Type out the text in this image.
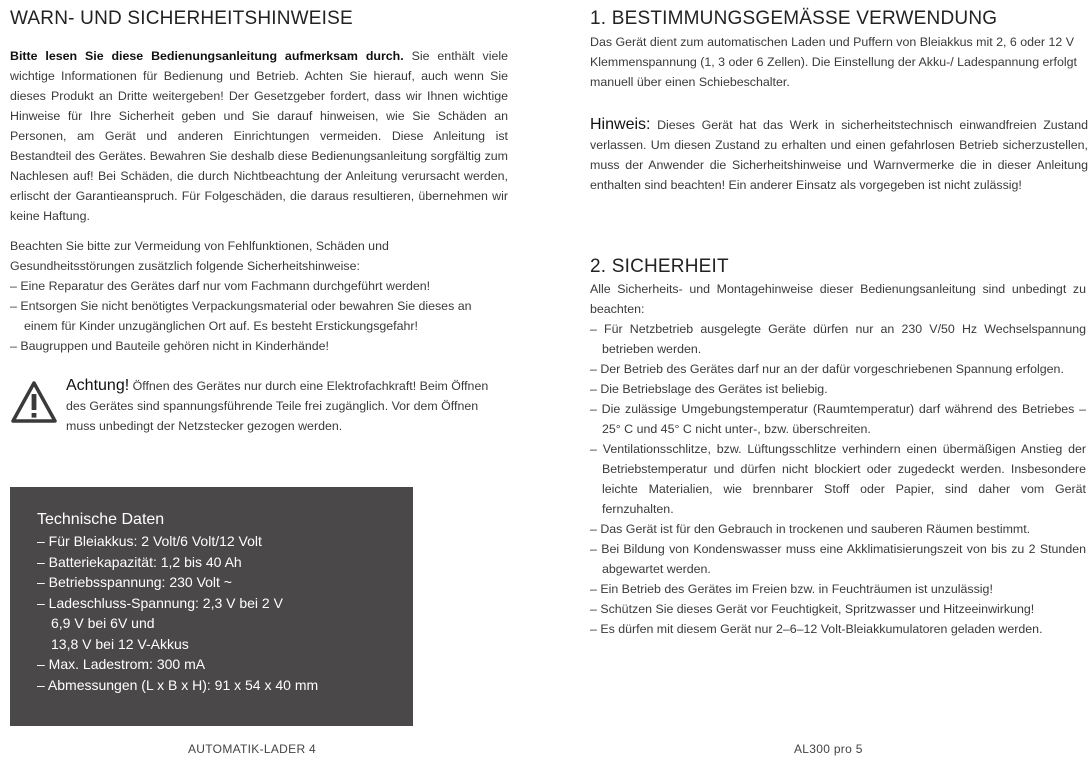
WARN- UND SICHERHEITSHINWEISE

Bitte lesen Sie diese Bedienungsanleitung aufmerksam durch. Sie enthält viele wichtige Informationen für Bedienung und Betrieb. Achten Sie hierauf, auch wenn Sie dieses Produkt an Dritte weitergeben! Der Gesetzgeber fordert, dass wir Ihnen wichtige Hinweise für Ihre Sicherheit geben und Sie darauf hinweisen, wie Sie Schäden an Personen, am Gerät und anderen Einrichtungen vermeiden. Diese Anleitung ist Bestandteil des Gerätes. Bewahren Sie deshalb diese Bedienungsanleitung sorgfältig zum Nachlesen auf! Bei Schäden, die durch Nichtbeachtung der Anleitung verursacht werden, erlischt der Garantieanspruch. Für Folgeschäden, die daraus resultieren, übernehmen wir keine Haftung.

Beachten Sie bitte zur Vermeidung von Fehlfunktionen, Schäden und Gesundheitsstörungen zusätzlich folgende Sicherheitshinweise:

– Eine Reparatur des Gerätes darf nur vom Fachmann durchgeführt werden!
– Entsorgen Sie nicht benötigtes Verpackungsmaterial oder bewahren Sie dieses an einem für Kinder unzugänglichen Ort auf. Es besteht Erstickungsgefahr!
– Baugruppen und Bauteile gehören nicht in Kinderhände!

Achtung! Öffnen des Gerätes nur durch eine Elektrofachkraft! Beim Öffnen des Gerätes sind spannungsführende Teile frei zugänglich. Vor dem Öffnen muss unbedingt der Netzstecker gezogen werden.

Technische Daten
– Für Bleiakkus: 2 Volt/6 Volt/12 Volt
– Batteriekapazität: 1,2 bis 40 Ah
– Betriebsspannung: 230 Volt ~
– Ladeschluss-Spannung: 2,3 V bei 2 V
6,9 V bei 6V und
13,8 V bei 12 V-Akkus
– Max. Ladestrom: 300 mA
– Abmessungen (L x B x H): 91 x 54 x 40 mm
AUTOMATIK-LADER 4
1. BESTIMMUNGSGEMÄSSE VERWENDUNG

Das Gerät dient zum automatischen Laden und Puffern von Bleiakkus mit 2, 6 oder 12 V Klemmenspannung (1, 3 oder 6 Zellen). Die Einstellung der Akku-/ Ladespannung erfolgt manuell über einen Schiebeschalter.

Hinweis: Dieses Gerät hat das Werk in sicherheitstechnisch einwandfreien Zustand verlassen. Um diesen Zustand zu erhalten und einen gefahrlosen Betrieb sicherzustellen, muss der Anwender die Sicherheitshinweise und Warnvermerke die in dieser Anleitung enthalten sind beachten! Ein anderer Einsatz als vorgegeben ist nicht zulässig!

2. SICHERHEIT

Alle Sicherheits- und Montagehinweise dieser Bedienungsanleitung sind unbedingt zu beachten:

– Für Netzbetrieb ausgelegte Geräte dürfen nur an 230 V/50 Hz Wechselspannung betrieben werden.
– Der Betrieb des Gerätes darf nur an der dafür vorgeschriebenen Spannung erfolgen.
– Die Betriebslage des Gerätes ist beliebig.
– Die zulässige Umgebungstemperatur (Raumtemperatur) darf während des Betriebes –25° C und 45° C nicht unter-, bzw. überschreiten.
– Ventilationsschlitze, bzw. Lüftungsschlitze verhindern einen übermäßigen Anstieg der Betriebstemperatur und dürfen nicht blockiert oder zugedeckt werden. Insbesondere leichte Materialien, wie brennbarer Stoff oder Papier, sind daher vom Gerät fernzuhalten.
– Das Gerät ist für den Gebrauch in trockenen und sauberen Räumen bestimmt.
– Bei Bildung von Kondenswasser muss eine Akklimatisierungszeit von bis zu 2 Stunden abgewartet werden.
– Ein Betrieb des Gerätes im Freien bzw. in Feuchträumen ist unzulässig!
– Schützen Sie dieses Gerät vor Feuchtigkeit, Spritzwasser und Hitzeeinwirkung!
– Es dürfen mit diesem Gerät nur 2–6–12 Volt-Bleiakkumulatoren geladen werden.
AL300 pro 5
